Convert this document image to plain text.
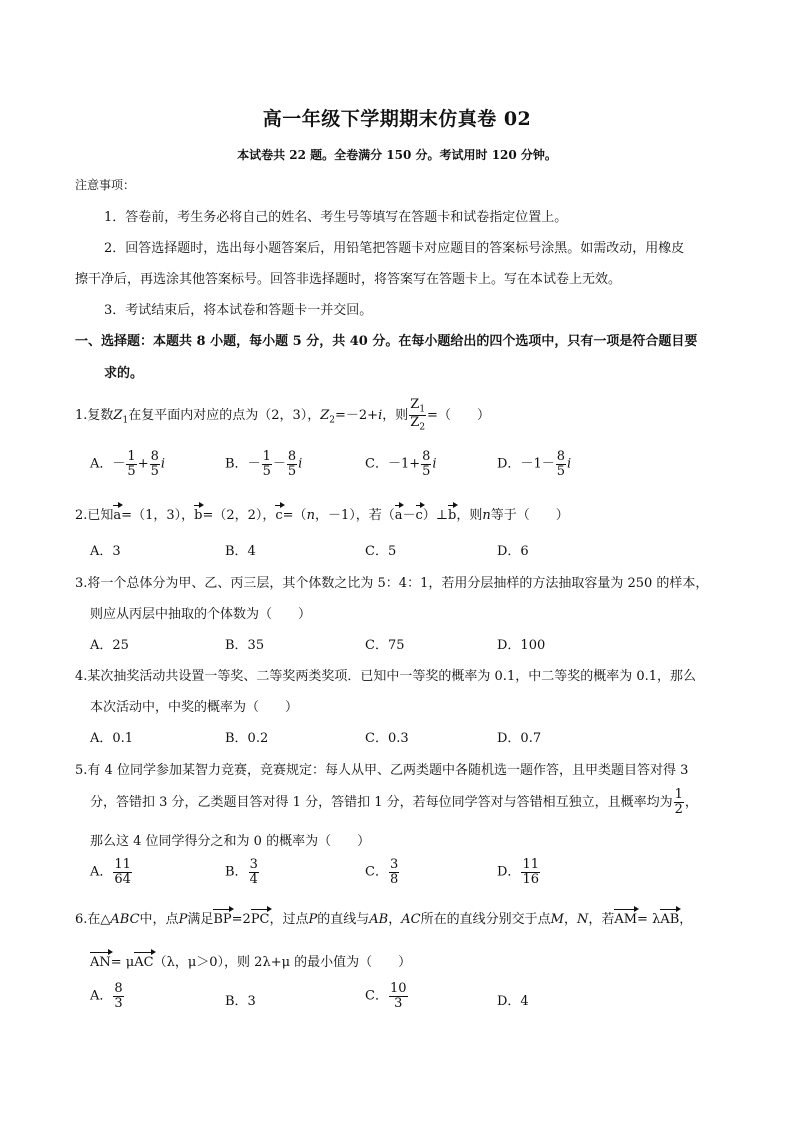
高一年级下学期期末仿真卷 02
本试卷共 22 题。全卷满分 150 分。考试用时 120 分钟。
注意事项：
1．答卷前，考生务必将自己的姓名、考生号等填写在答题卡和试卷指定位置上。
2．回答选择题时，选出每小题答案后，用铅笔把答题卡对应题目的答案标号涂黑。如需改动，用橡皮
擦干净后，再选涂其他答案标号。回答非选择题时，将答案写在答题卡上。写在本试卷上无效。
3．考试结束后，将本试卷和答题卡一并交回。
一、选择题：本题共 8 小题，每小题 5 分，共 40 分。在每小题给出的四个选项中，只有一项是符合题目要
求的。
1.复数$Z_1$在复平面内对应的点为（2，3），$Z_2=-2+i$，则 $\frac{Z_1}{Z_2}$ =（　　）
A．－ $\frac{1}{5} + \frac{8}{5}$ i	B．－ $\frac{1}{5} - \frac{8}{5}$ i	C．$-1+ \frac{8}{5}$ i	D．$-1- \frac{8}{5}$ i
2.已知a=（1，3），b=（2，2），c=（n，－1），若（a－c）⊥b，则n等于（　　）
A．3	B．4	C．5	D．6
3.将一个总体分为甲、乙、丙三层，其个体数之比为 5：4：1，若用分层抽样的方法抽取容量为 250 的样本，
则应从丙层中抽取的个体数为（　　）
A．25	B．35	C．75	D．100
4.某次抽奖活动共设置一等奖、二等奖两类奖项．已知中一等奖的概率为 0.1，中二等奖的概率为 0.1，那么
本次活动中，中奖的概率为（　　）
A．0.1	B．0.2	C．0.3	D．0.7
5.有 4 位同学参加某智力竞赛，竞赛规定：每人从甲、乙两类题中各随机选一题作答，且甲类题目答对得 3
分，答错扣 3 分，乙类题目答对得 1 分，答错扣 1 分，若每位同学答对与答错相互独立，且概率均为 $\frac{1}{2}$ ，
那么这 4 位同学得分之和为 0 的概率为（　　）
A． $\frac{11}{64}$	B． $\frac{3}{4}$	C． $\frac{3}{8}$	D． $\frac{11}{16}$
6.在△ABC中，点P满足BP=2PC，过点P的直线与AB，AC所在的直线分别交于点M，N，若AM= λAB，
AN= μAC（λ，μ＞0），则 2λ+μ 的最小值为（　　）
A． $\frac{8}{3}$	B．3	C． $\frac{10}{3}$	D．4
